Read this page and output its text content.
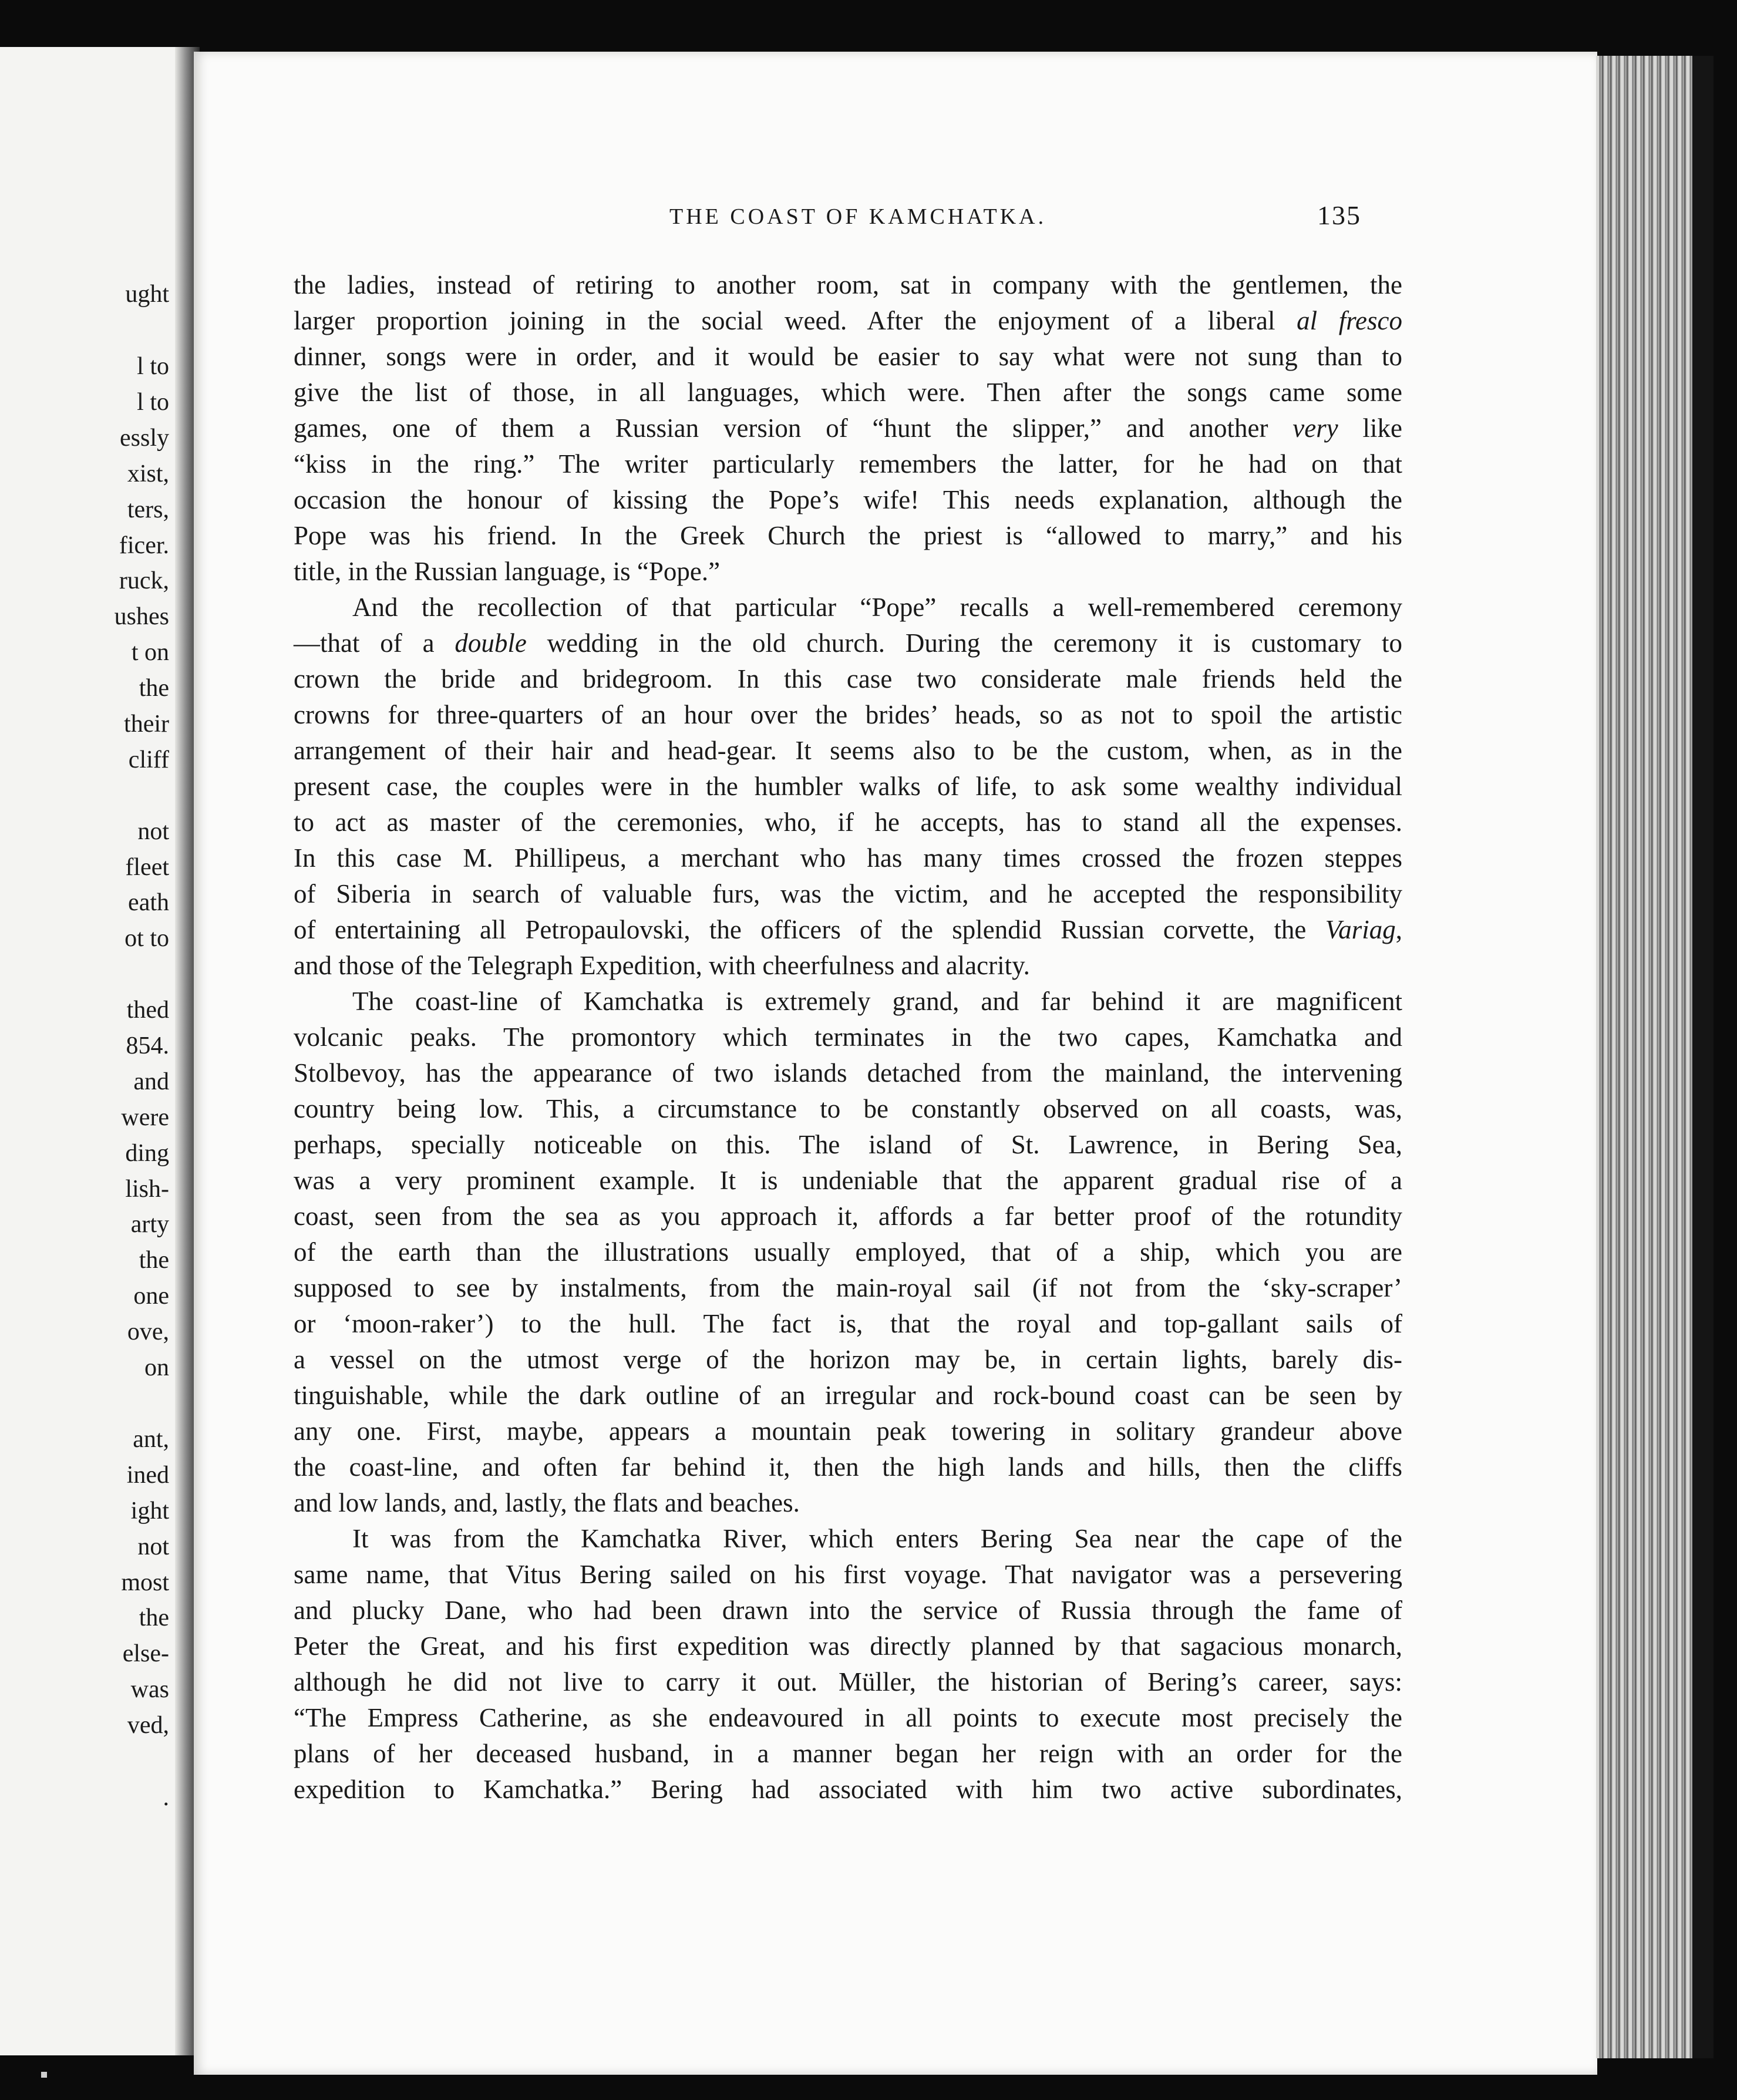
ught
l to
l to
essly
xist,
ters,
ficer.
ruck,
ushes
t on
the
their
cliff
not
fleet
eath
ot to
thed
854.
and
were
ding
lish-
arty
the
one
ove,
on
ant,
ined
ight
not
most
the
else-
was
ved,
.
THE COAST OF KAMCHATKA.	135
the ladies, instead of retiring to another room, sat in company with the gentlemen, the
larger proportion joining in the social weed. After the enjoyment of a liberal al fresco
dinner, songs were in order, and it would be easier to say what were not sung than to
give the list of those, in all languages, which were. Then after the songs came some
games, one of them a Russian version of “hunt the slipper,” and another very like
“kiss in the ring.” The writer particularly remembers the latter, for he had on that
occasion the honour of kissing the Pope’s wife! This needs explanation, although the
Pope was his friend. In the Greek Church the priest is “allowed to marry,” and his
title, in the Russian language, is “Pope.”
And the recollection of that particular “Pope” recalls a well-remembered ceremony
—that of a double wedding in the old church. During the ceremony it is customary to
crown the bride and bridegroom. In this case two considerate male friends held the
crowns for three-quarters of an hour over the brides’ heads, so as not to spoil the artistic
arrangement of their hair and head-gear. It seems also to be the custom, when, as in the
present case, the couples were in the humbler walks of life, to ask some wealthy individual
to act as master of the ceremonies, who, if he accepts, has to stand all the expenses.
In this case M. Phillipeus, a merchant who has many times crossed the frozen steppes
of Siberia in search of valuable furs, was the victim, and he accepted the responsibility
of entertaining all Petropaulovski, the officers of the splendid Russian corvette, the Variag,
and those of the Telegraph Expedition, with cheerfulness and alacrity.
The coast-line of Kamchatka is extremely grand, and far behind it are magnificent
volcanic peaks. The promontory which terminates in the two capes, Kamchatka and
Stolbevoy, has the appearance of two islands detached from the mainland, the intervening
country being low. This, a circumstance to be constantly observed on all coasts, was,
perhaps, specially noticeable on this. The island of St. Lawrence, in Bering Sea,
was a very prominent example. It is undeniable that the apparent gradual rise of a
coast, seen from the sea as you approach it, affords a far better proof of the rotundity
of the earth than the illustrations usually employed, that of a ship, which you are
supposed to see by instalments, from the main-royal sail (if not from the ‘sky-scraper’
or ‘moon-raker’) to the hull. The fact is, that the royal and top-gallant sails of
a vessel on the utmost verge of the horizon may be, in certain lights, barely dis-
tinguishable, while the dark outline of an irregular and rock-bound coast can be seen by
any one. First, maybe, appears a mountain peak towering in solitary grandeur above
the coast-line, and often far behind it, then the high lands and hills, then the cliffs
and low lands, and, lastly, the flats and beaches.
It was from the Kamchatka River, which enters Bering Sea near the cape of the
same name, that Vitus Bering sailed on his first voyage. That navigator was a persevering
and plucky Dane, who had been drawn into the service of Russia through the fame of
Peter the Great, and his first expedition was directly planned by that sagacious monarch,
although he did not live to carry it out. Müller, the historian of Bering’s career, says:
“The Empress Catherine, as she endeavoured in all points to execute most precisely the
plans of her deceased husband, in a manner began her reign with an order for the
expedition to Kamchatka.” Bering had associated with him two active subordinates,
